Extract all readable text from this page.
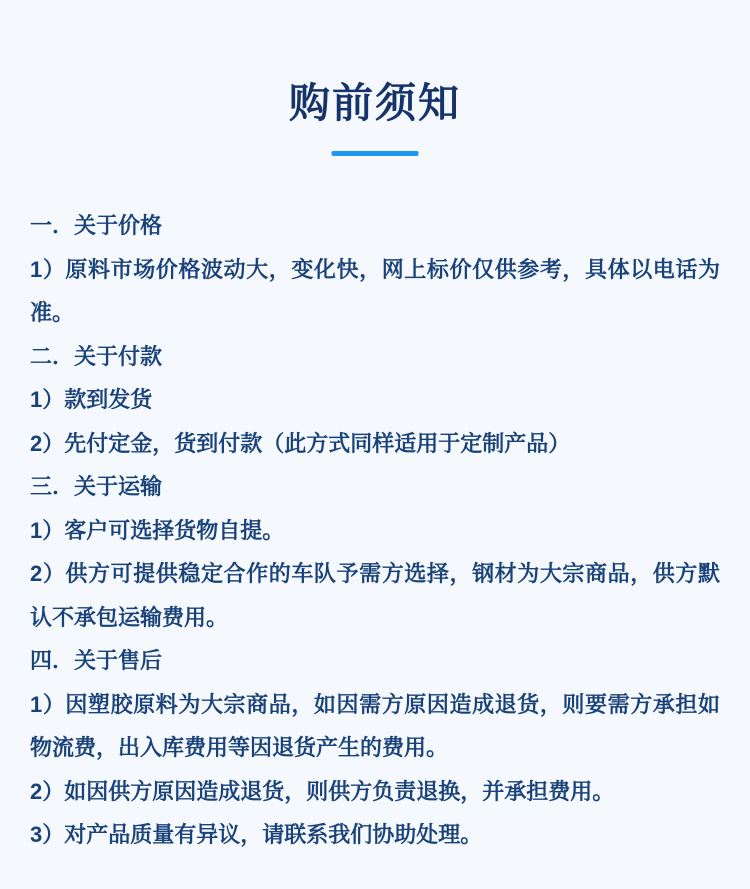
购前须知

一．关于价格

1）原料市场价格波动大，变化快，网上标价仅供参考，具体以电话为准。

二．关于付款

1）款到发货

2）先付定金，货到付款（此方式同样适用于定制产品）

三．关于运输

1）客户可选择货物自提。

2）供方可提供稳定合作的车队予需方选择，钢材为大宗商品，供方默认不承包运输费用。

四．关于售后

1）因塑胶原料为大宗商品，如因需方原因造成退货，则要需方承担如物流费，出入库费用等因退货产生的费用。

2）如因供方原因造成退货，则供方负责退换，并承担费用。

3）对产品质量有异议，请联系我们协助处理。
